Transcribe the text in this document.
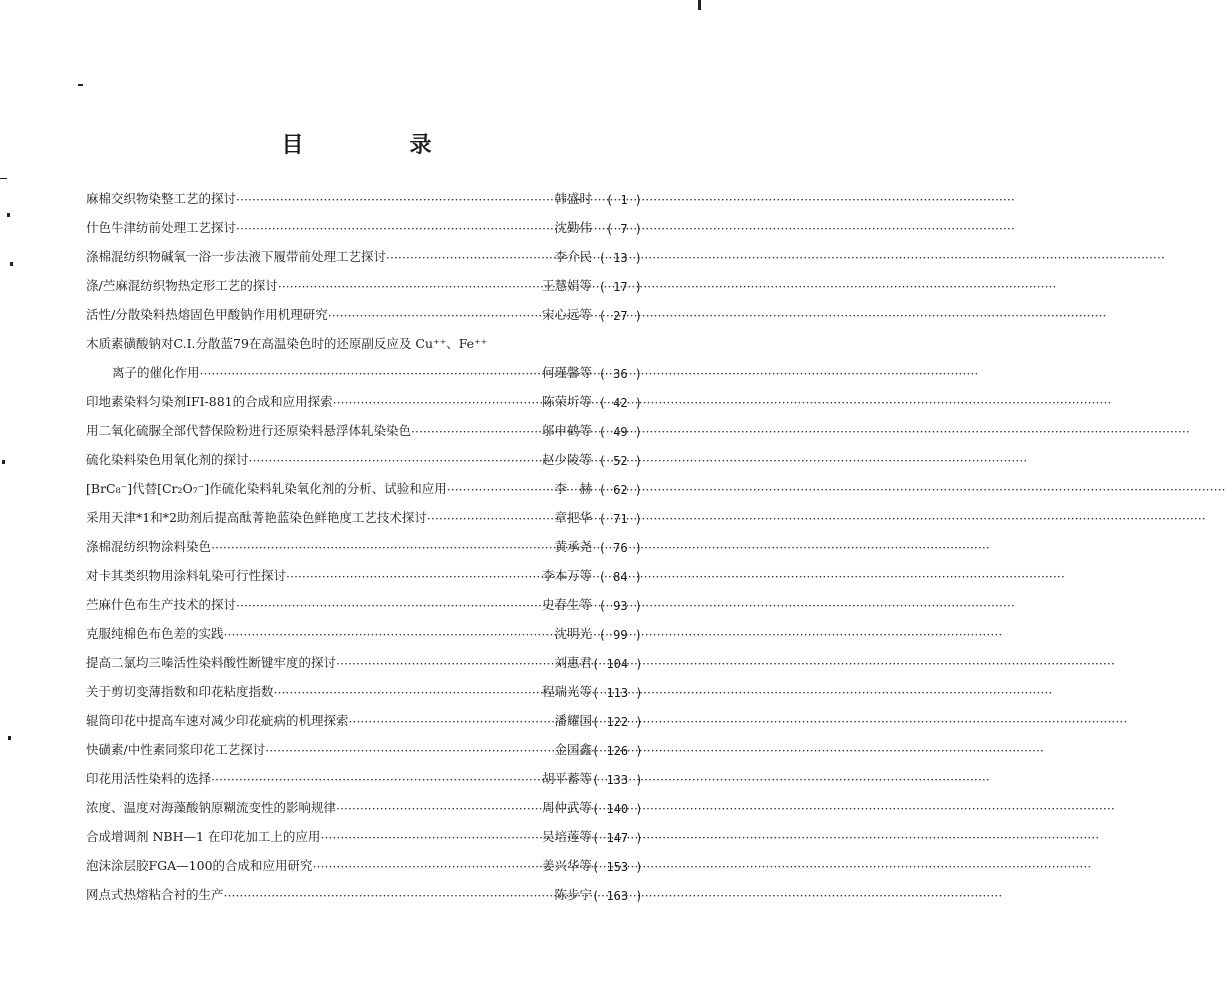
目　录
麻棉交织物染整工艺的探讨 ·····	韩盛时	( 1 )
什色牛津纺前处理工艺探讨 ·····	沈勤伟	( 7 )
涤棉混纺织物碱氧一浴一步法液下履带前处理工艺探讨 ·····	李介民 ( 13 )
涤/苎麻混纺织物热定形工艺的探讨 ·····	王慧娟等 ( 17 )
活性/分散染料热熔固色甲酸钠作用机理研究 ·····	宋心远等 ( 27 )
木质素磺酸钠对C.I.分散蓝79在高温染色时的还原副反应及 Cu⁺⁺、Fe⁺⁺
离子的催化作用 ·····	何瑾馨等 ( 36 )
印地素染料匀染剂IFI-881的合成和应用探索 ·····	陈荣圻等 ( 42 )
用二氧化硫脲全部代替保险粉进行还原染料悬浮体轧染染色 ·····	邬申鹤等 ( 49 )
硫化染料染色用氧化剂的探讨 ·····	赵少陵等 ( 52 )
[BrC₈⁻]代替[Cr₂O₇⁻]作硫化染料轧染氧化剂的分析、试验和应用 ·····	李　赫 ( 62 )
采用天津*1和*2助剂后提高酞菁艳蓝染色鲜艳度工艺技术探讨 ·····	章把华 ( 71 )
涤棉混纺织物涂料染色 ·····	黄承尧 ( 76 )
对卡其类织物用涂料轧染可行性探讨 ·····	李本万等 ( 84 )
苎麻什色布生产技术的探讨 ·····	史春生等 ( 93 )
克服纯棉色布色差的实践 ·····	沈明光 ( 99 )
提高二氯均三嗪活性染料酸性断键牢度的探讨 ·····	刘惠君 ( 104 )
关于剪切变薄指数和印花粘度指数 ·····	程瑞光等 ( 113 )
辊筒印花中提高车速对减少印花疵病的机理探索 ·····	潘耀国 ( 122 )
快磺素/中性素同浆印花工艺探讨 ·····	金国鑫 ( 126 )
印花用活性染料的选择 ·····	胡平蓄等 ( 133 )
浓度、温度对海藻酸钠原糊流变性的影响规律 ·····	周仲武等 ( 140 )
合成增调剂 NBH—1 在印花加工上的应用 ·····	吴培莲等 ( 147 )
泡沫涂层胶FGA—100的合成和应用研究 ·····	姜兴华等 ( 153 )
网点式热熔粘合衬的生产 ·····	陈步宁 ( 163 )
